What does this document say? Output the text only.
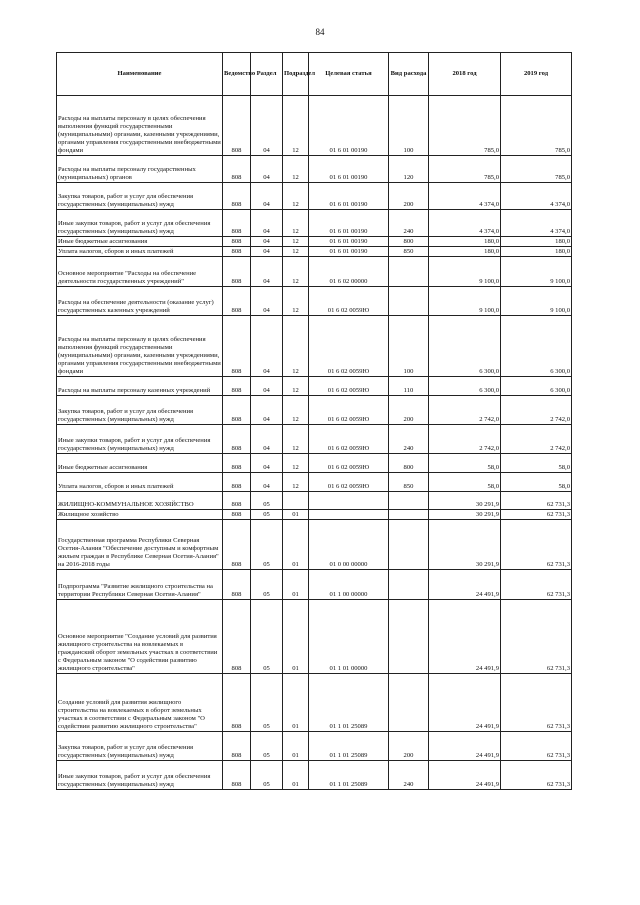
84
Наименование	Ведомство	Раздел	Подраздел	Целевая статья	Вид расхода	2018 год	2019 год
Расходы на выплаты персоналу в целях обеспечения выполнения функций государственными (муниципальными) органами, казенными учреждениями, органами управления государственными внебюджетными фондами	808	04	12	01 6 01 00190	100	785,0	785,0
Расходы на выплаты персоналу государственных (муниципальных) органов	808	04	12	01 6 01 00190	120	785,0	785,0
Закупка товаров, работ и услуг для обеспечения государственных (муниципальных) нужд	808	04	12	01 6 01 00190	200	4 374,0	4 374,0
Иные закупки товаров, работ и услуг для обеспечения государственных (муниципальных) нужд	808	04	12	01 6 01 00190	240	4 374,0	4 374,0
Иные бюджетные ассигнования	808	04	12	01 6 01 00190	800	180,0	180,0
Уплата налогов, сборов и иных платежей	808	04	12	01 6 01 00190	850	180,0	180,0
Основное мероприятие "Расходы на обеспечение деятельности государственных учреждений"	808	04	12	01 6 02 00000		9 100,0	9 100,0
Расходы на обеспечение деятельности (оказание услуг) государственных казенных учреждений	808	04	12	01 6 02 0059Ю		9 100,0	9 100,0
Расходы на выплаты персоналу в целях обеспечения выполнения функций государственными (муниципальными) органами, казенными учреждениями, органами управления государственными внебюджетными фондами	808	04	12	01 6 02 0059Ю	100	6 300,0	6 300,0
Расходы на выплаты персоналу казенных учреждений	808	04	12	01 6 02 0059Ю	110	6 300,0	6 300,0
Закупка товаров, работ и услуг для обеспечения государственных (муниципальных) нужд	808	04	12	01 6 02 0059Ю	200	2 742,0	2 742,0
Иные закупки товаров, работ и услуг для обеспечения государственных (муниципальных) нужд	808	04	12	01 6 02 0059Ю	240	2 742,0	2 742,0
Иные бюджетные ассигнования	808	04	12	01 6 02 0059Ю	800	58,0	58,0
Уплата налогов, сборов и иных платежей	808	04	12	01 6 02 0059Ю	850	58,0	58,0
ЖИЛИЩНО-КОММУНАЛЬНОЕ ХОЗЯЙСТВО	808	05				30 291,9	62 731,3
Жилищное хозяйство	808	05	01			30 291,9	62 731,3
Государственная программа Республики Северная Осетия-Алания "Обеспечение доступным и комфортным жильем граждан в Республике Северная Осетия-Алания" на 2016-2018 годы	808	05	01	01 0 00 00000		30 291,9	62 731,3
Подпрограмма "Развитие жилищного строительства на территории Республики Северная Осетия-Алания"	808	05	01	01 1 00 00000		24 491,9	62 731,3
Основное мероприятие "Создание условий для развития жилищного строительства на вовлекаемых в гражданский оборот земельных участках в соответствии с Федеральным законом "О содействии развитию жилищного строительства"	808	05	01	01 1 01 00000		24 491,9	62 731,3
Создание условий для развития жилищного строительства на вовлекаемых в оборот земельных участках в соответствии с Федеральным законом "О содействии развитию жилищного строительства"	808	05	01	01 1 01 25089		24 491,9	62 731,3
Закупка товаров, работ и услуг для обеспечения государственных (муниципальных) нужд	808	05	01	01 1 01 25089	200	24 491,9	62 731,3
Иные закупки товаров, работ и услуг для обеспечения государственных (муниципальных) нужд	808	05	01	01 1 01 25089	240	24 491,9	62 731,3
